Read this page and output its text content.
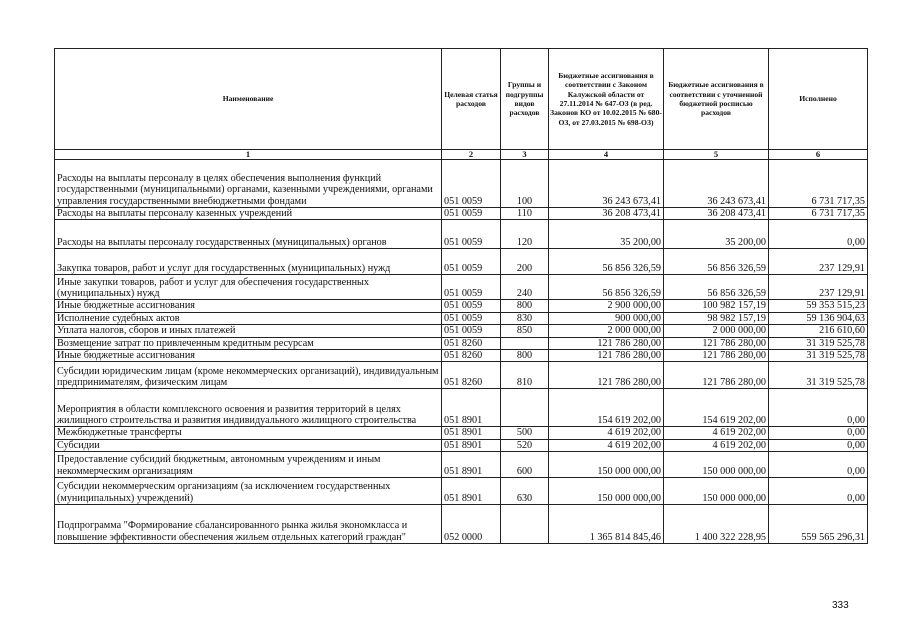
Наименование	Целевая статья расходов	Группы и подгруппы видов расходов	Бюджетные ассигнования в соответствии с Законом Калужской области от 27.11.2014 № 647-ОЗ (в ред. Законов КО от 10.02.2015 № 680-ОЗ, от 27.03.2015 № 698-ОЗ)	Бюджетные ассигнования в соответствии с уточненной бюджетной росписью расходов	Исполнено
1	2	3	4	5	6
Расходы на выплаты персоналу в целях обеспечения выполнения функций государственными (муниципальными) органами, казенными учреждениями, органами управления государственными внебюджетными фондами	051 0059	100	36 243 673,41	36 243 673,41	6 731 717,35
Расходы на выплаты персоналу казенных учреждений	051 0059	110	36 208 473,41	36 208 473,41	6 731 717,35
Расходы на выплаты персоналу государственных (муниципальных) органов	051 0059	120	35 200,00	35 200,00	0,00
Закупка товаров, работ и услуг для государственных (муниципальных) нужд	051 0059	200	56 856 326,59	56 856 326,59	237 129,91
Иные закупки товаров, работ и услуг для обеспечения государственных (муниципальных) нужд	051 0059	240	56 856 326,59	56 856 326,59	237 129,91
Иные бюджетные ассигнования	051 0059	800	2 900 000,00	100 982 157,19	59 353 515,23
Исполнение судебных актов	051 0059	830	900 000,00	98 982 157,19	59 136 904,63
Уплата налогов, сборов и иных платежей	051 0059	850	2 000 000,00	2 000 000,00	216 610,60
Возмещение затрат по привлеченным кредитным ресурсам	051 8260		121 786 280,00	121 786 280,00	31 319 525,78
Иные бюджетные ассигнования	051 8260	800	121 786 280,00	121 786 280,00	31 319 525,78
Субсидии юридическим лицам (кроме некоммерческих организаций), индивидуальным предпринимателям, физическим лицам	051 8260	810	121 786 280,00	121 786 280,00	31 319 525,78
Мероприятия в области комплексного освоения и развития территорий в целях жилищного строительства и развития индивидуального жилищного строительства	051 8901		154 619 202,00	154 619 202,00	0,00
Межбюджетные трансферты	051 8901	500	4 619 202,00	4 619 202,00	0,00
Субсидии	051 8901	520	4 619 202,00	4 619 202,00	0,00
Предоставление субсидий бюджетным, автономным учреждениям и иным некоммерческим организациям	051 8901	600	150 000 000,00	150 000 000,00	0,00
Субсидии некоммерческим организациям (за исключением государственных (муниципальных) учреждений)	051 8901	630	150 000 000,00	150 000 000,00	0,00
Подпрограмма "Формирование сбалансированного рынка жилья экономкласса и повышение эффективности обеспечения жильем отдельных категорий граждан"	052 0000		1 365 814 845,46	1 400 322 228,95	559 565 296,31
333
